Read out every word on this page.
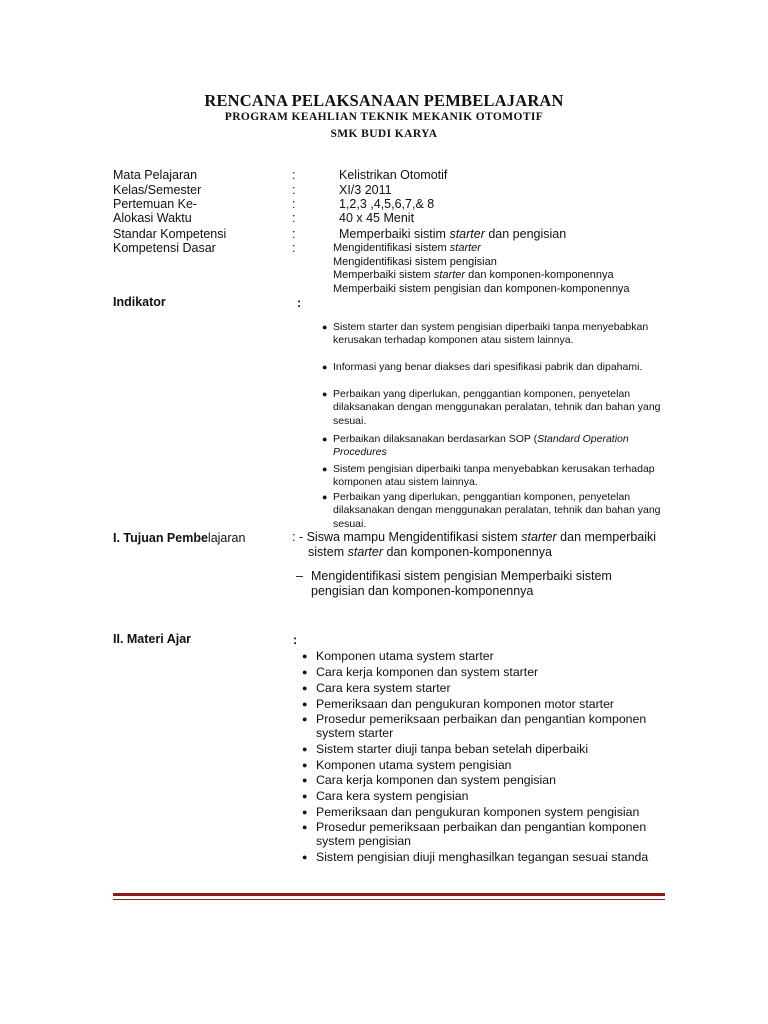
RENCANA PELAKSANAAN PEMBELAJARAN
PROGRAM KEAHLIAN TEKNIK MEKANIK OTOMOTIF
SMK BUDI KARYA
Mata Pelajaran	:	Kelistrikan Otomotif
Kelas/Semester	:	XI/3 2011
Pertemuan Ke-	:	1,2,3 ,4,5,6,7,& 8
Alokasi Waktu	:	40 x 45 Menit
Standar Kompetensi	:	Memperbaiki sistim starter dan pengisian
Kompetensi Dasar	:	Mengidentifikasi sistem starter
Mengidentifikasi sistem pengisian
Memperbaiki sistem starter dan komponen-komponennya
Memperbaiki sistem pengisian dan komponen-komponennya
Indikator	:
● Sistem starter dan system pengisian diperbaiki tanpa menyebabkan kerusakan terhadap komponen atau sistem lainnya.
● Informasi yang benar diakses dari spesifikasi pabrik dan dipahami.
● Perbaikan yang diperlukan, penggantian komponen, penyetelan dilaksanakan dengan menggunakan peralatan, tehnik dan bahan yang sesuai.
● Perbaikan dilaksanakan berdasarkan SOP (Standard Operation Procedures
● Sistem pengisian diperbaiki tanpa menyebabkan kerusakan terhadap komponen atau sistem lainnya.
● Perbaikan yang diperlukan, penggantian komponen, penyetelan dilaksanakan dengan menggunakan peralatan, tehnik dan bahan yang sesuai.
I. Tujuan Pembelajaran	: - Siswa mampu Mengidentifikasi sistem starter dan memperbaiki
sistem starter dan komponen-komponennya
– Mengidentifikasi sistem pengisian Memperbaiki sistem
pengisian dan komponen-komponennya
II. Materi Ajar	:
● Komponen utama system starter
● Cara kerja komponen dan system starter
● Cara kera system starter
● Pemeriksaan dan pengukuran komponen motor starter
● Prosedur pemeriksaan perbaikan dan pengantian komponen system starter
● Sistem starter diuji tanpa beban setelah diperbaiki
● Komponen utama system pengisian
● Cara kerja komponen dan system pengisian
● Cara kera system pengisian
● Pemeriksaan dan pengukuran komponen system pengisian
● Prosedur pemeriksaan perbaikan dan pengantian komponen system pengisian
● Sistem pengisian diuji menghasilkan tegangan sesuai standa
